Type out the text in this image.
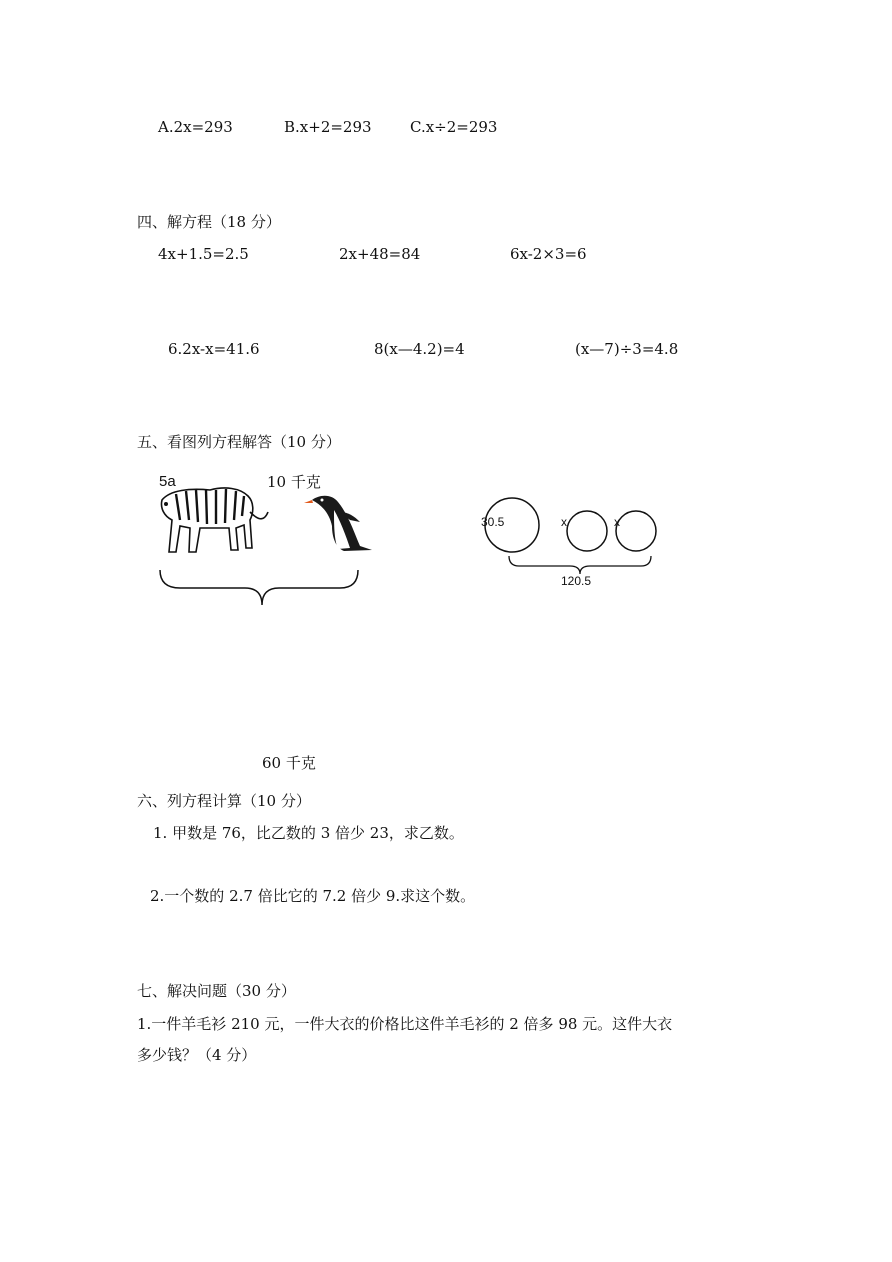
A.2x=293	B.x+2=293	C.x÷2=293
四、解方程（18 分）
4x+1.5=2.5	2x+48=84	6x-2×3=6
6.2x-x=41.6	8(x—4.2)=4	(x—7)÷3=4.8
五、看图列方程解答（10 分）
5a	10 千克
60 千克
30.5	x	x
120.5
六、列方程计算（10 分）
1. 甲数是 76，比乙数的 3 倍少 23，求乙数。
2.一个数的 2.7 倍比它的 7.2 倍少 9.求这个数。
七、解决问题（30 分）
1.一件羊毛衫 210 元，一件大衣的价格比这件羊毛衫的 2 倍多 98 元。这件大衣
多少钱？（4 分）
